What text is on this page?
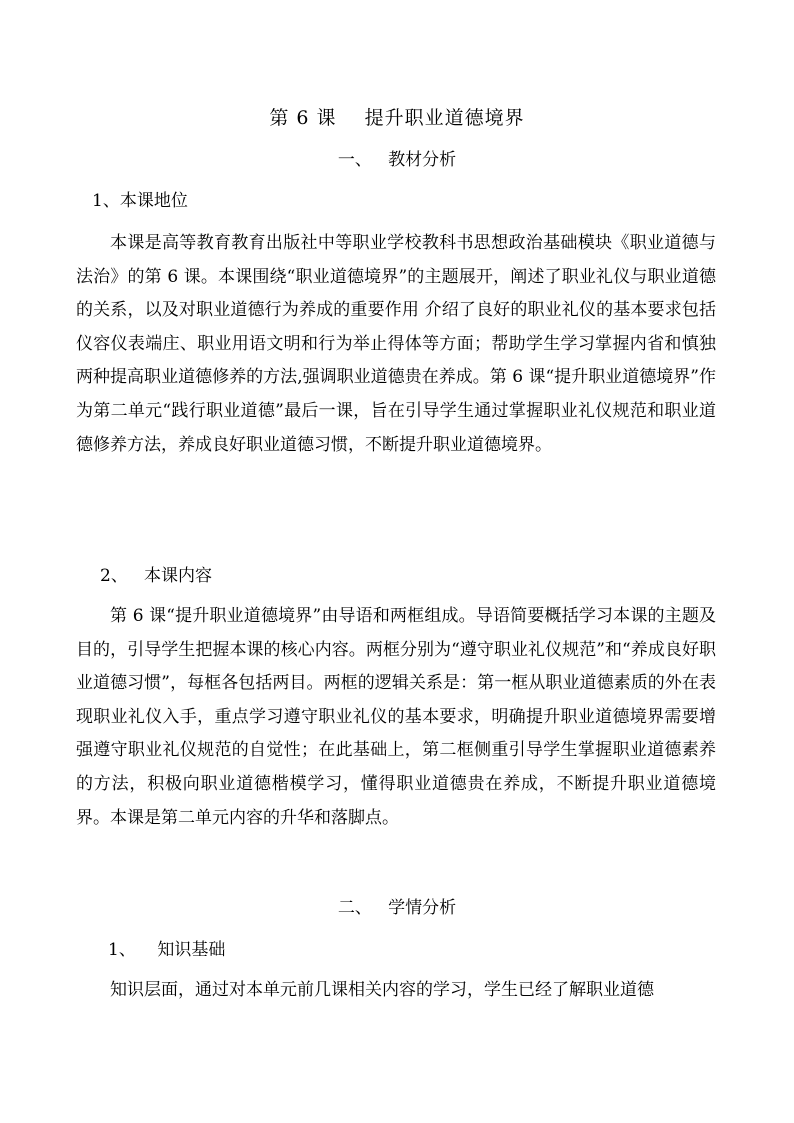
第 6 课    提升职业道德境界
一、   教材分析
1、本课地位

本课是高等教育教育出版社中等职业学校教科书思想政治基础模块《职业道德与法治》的第 6 课。本课围绕“职业道德境界”的主题展开，阐述了职业礼仪与职业道德的关系，以及对职业道德行为养成的重要作用 介绍了良好的职业礼仪的基本要求包括仪容仪表端庄、职业用语文明和行为举止得体等方面；帮助学生学习掌握内省和慎独两种提高职业道德修养的方法,强调职业道德贵在养成。第 6 课“提升职业道德境界”作为第二单元“践行职业道德”最后一课，旨在引导学生通过掌握职业礼仪规范和职业道德修养方法，养成良好职业道德习惯，不断提升职业道德境界。

2、   本课内容

第 6 课“提升职业道德境界”由导语和两框组成。导语简要概括学习本课的主题及目的，引导学生把握本课的核心内容。两框分别为“遵守职业礼仪规范”和“养成良好职业道德习惯”，每框各包括两目。两框的逻辑关系是：第一框从职业道德素质的外在表现职业礼仪入手，重点学习遵守职业礼仪的基本要求，明确提升职业道德境界需要增强遵守职业礼仪规范的自觉性；在此基础上，第二框侧重引导学生掌握职业道德素养的方法，积极向职业道德楷模学习，懂得职业道德贵在养成，不断提升职业道德境界。本课是第二单元内容的升华和落脚点。

二、   学情分析
1、    知识基础

知识层面，通过对本单元前几课相关内容的学习，学生已经了解职业道德
